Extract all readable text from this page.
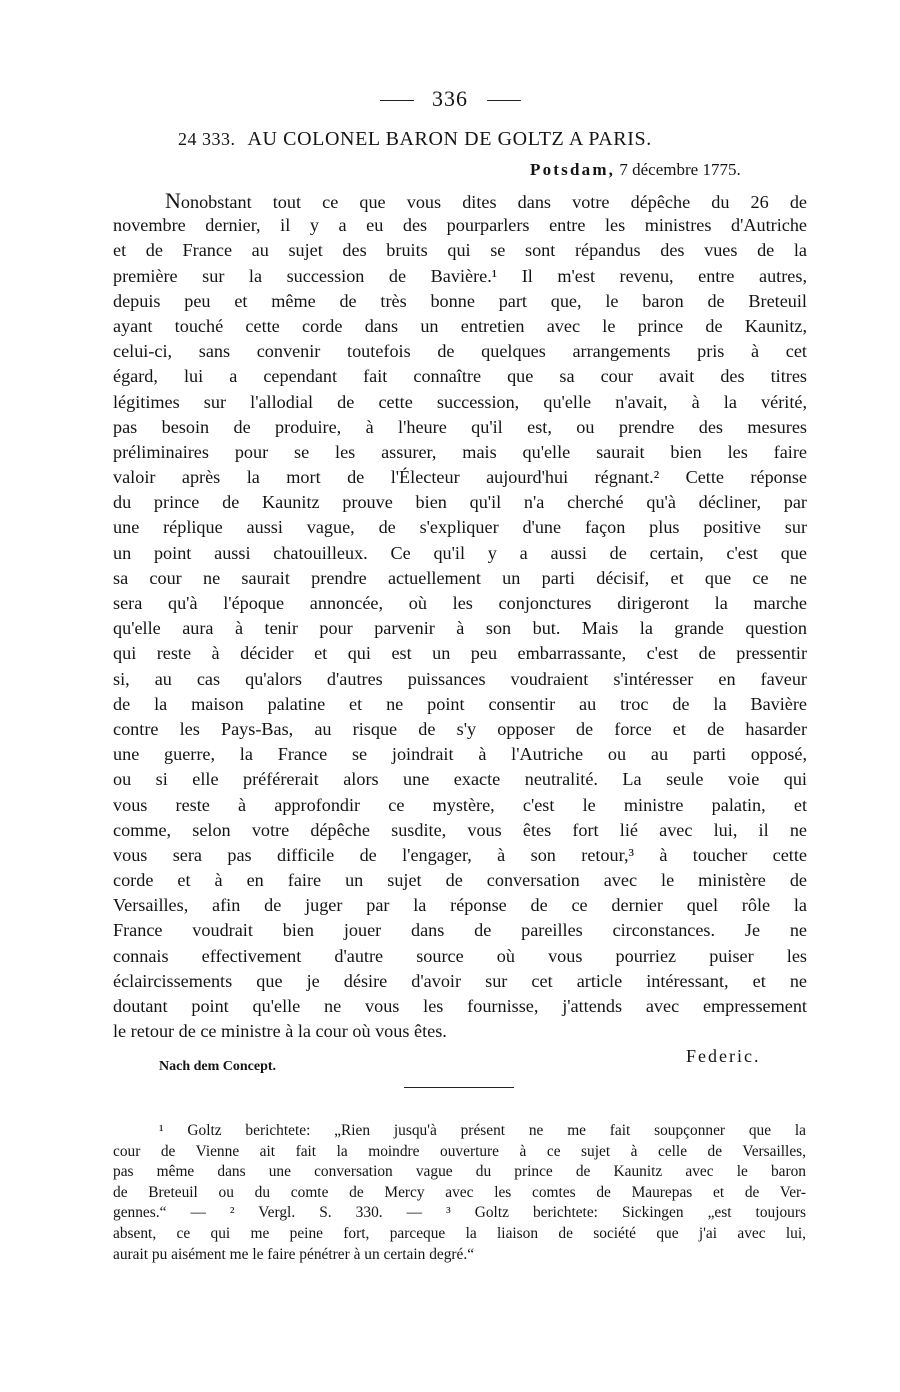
336
24 333. AU COLONEL BARON DE GOLTZ A PARIS.
Potsdam, 7 décembre 1775.
Nonobstant tout ce que vous dites dans votre dépêche du 26 de
novembre dernier, il y a eu des pourparlers entre les ministres d'Autriche
et de France au sujet des bruits qui se sont répandus des vues de la
première sur la succession de Bavière.¹ Il m'est revenu, entre autres,
depuis peu et même de très bonne part que, le baron de Breteuil
ayant touché cette corde dans un entretien avec le prince de Kaunitz,
celui-ci, sans convenir toutefois de quelques arrangements pris à cet
égard, lui a cependant fait connaître que sa cour avait des titres
légitimes sur l'allodial de cette succession, qu'elle n'avait, à la vérité,
pas besoin de produire, à l'heure qu'il est, ou prendre des mesures
préliminaires pour se les assurer, mais qu'elle saurait bien les faire
valoir après la mort de l'Électeur aujourd'hui régnant.² Cette réponse
du prince de Kaunitz prouve bien qu'il n'a cherché qu'à décliner, par
une réplique aussi vague, de s'expliquer d'une façon plus positive sur
un point aussi chatouilleux. Ce qu'il y a aussi de certain, c'est que
sa cour ne saurait prendre actuellement un parti décisif, et que ce ne
sera qu'à l'époque annoncée, où les conjonctures dirigeront la marche
qu'elle aura à tenir pour parvenir à son but. Mais la grande question
qui reste à décider et qui est un peu embarrassante, c'est de pressentir
si, au cas qu'alors d'autres puissances voudraient s'intéresser en faveur
de la maison palatine et ne point consentir au troc de la Bavière
contre les Pays-Bas, au risque de s'y opposer de force et de hasarder
une guerre, la France se joindrait à l'Autriche ou au parti opposé,
ou si elle préférerait alors une exacte neutralité. La seule voie qui
vous reste à approfondir ce mystère, c'est le ministre palatin, et
comme, selon votre dépêche susdite, vous êtes fort lié avec lui, il ne
vous sera pas difficile de l'engager, à son retour,³ à toucher cette
corde et à en faire un sujet de conversation avec le ministère de
Versailles, afin de juger par la réponse de ce dernier quel rôle la
France voudrait bien jouer dans de pareilles circonstances. Je ne
connais effectivement d'autre source où vous pourriez puiser les
éclaircissements que je désire d'avoir sur cet article intéressant, et ne
doutant point qu'elle ne vous les fournisse, j'attends avec empressement
le retour de ce ministre à la cour où vous êtes.
Federic.
Nach dem Concept.
¹ Goltz berichtete: „Rien jusqu'à présent ne me fait soupçonner que la
cour de Vienne ait fait la moindre ouverture à ce sujet à celle de Versailles,
pas même dans une conversation vague du prince de Kaunitz avec le baron
de Breteuil ou du comte de Mercy avec les comtes de Maurepas et de Ver-
gennes.“ — ² Vergl. S. 330. — ³ Goltz berichtete: Sickingen „est toujours
absent, ce qui me peine fort, parceque la liaison de société que j'ai avec lui,
aurait pu aisément me le faire pénétrer à un certain degré.“
